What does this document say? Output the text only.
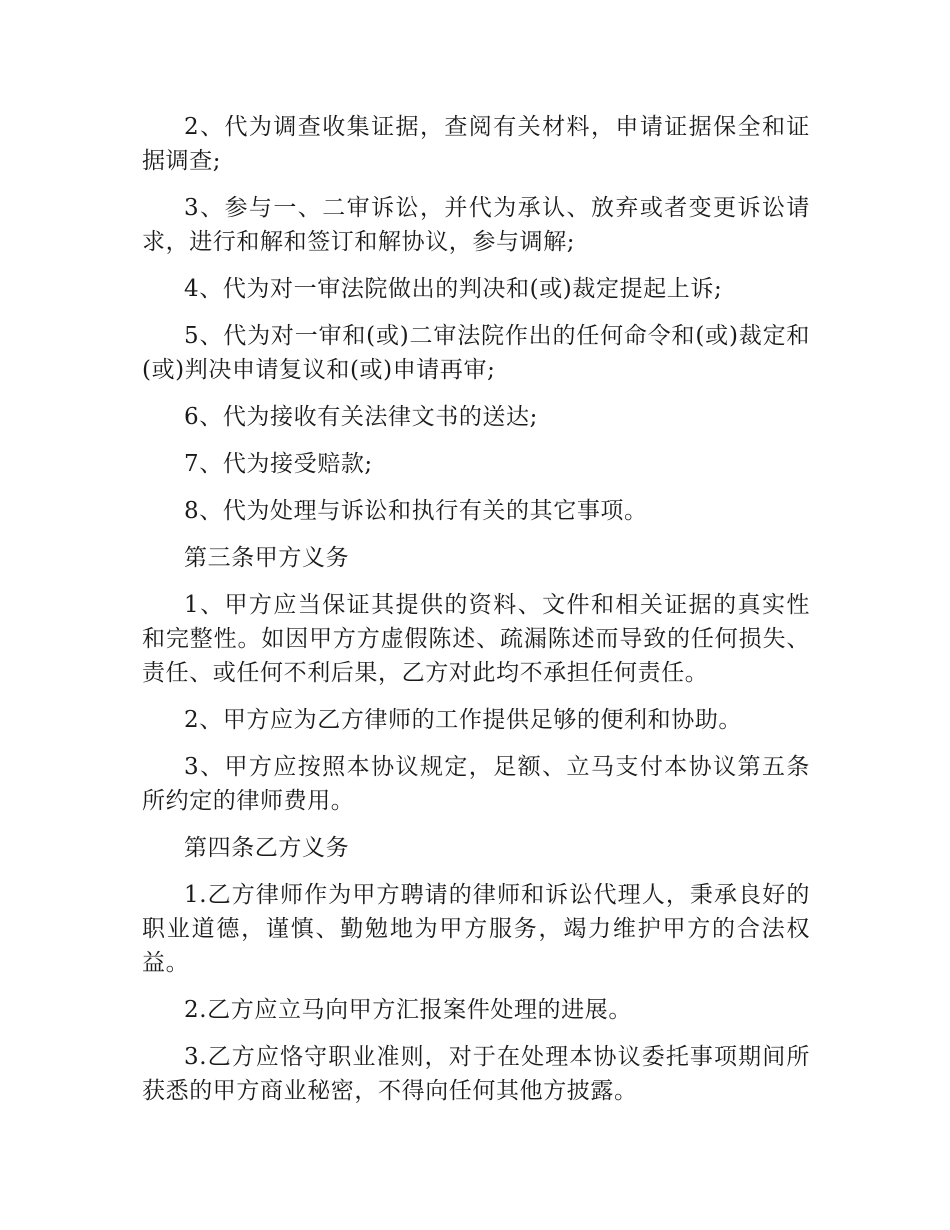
2、代为调查收集证据，查阅有关材料，申请证据保全和证据调查;

3、参与一、二审诉讼，并代为承认、放弃或者变更诉讼请求，进行和解和签订和解协议，参与调解;

4、代为对一审法院做出的判决和(或)裁定提起上诉;

5、代为对一审和(或)二审法院作出的任何命令和(或)裁定和(或)判决申请复议和(或)申请再审;

6、代为接收有关法律文书的送达;

7、代为接受赔款;

8、代为处理与诉讼和执行有关的其它事项。

第三条甲方义务

1、甲方应当保证其提供的资料、文件和相关证据的真实性和完整性。如因甲方方虚假陈述、疏漏陈述而导致的任何损失、责任、或任何不利后果，乙方对此均不承担任何责任。

2、甲方应为乙方律师的工作提供足够的便利和协助。

3、甲方应按照本协议规定，足额、立马支付本协议第五条所约定的律师费用。

第四条乙方义务

1.乙方律师作为甲方聘请的律师和诉讼代理人，秉承良好的职业道德，谨慎、勤勉地为甲方服务，竭力维护甲方的合法权益。

2.乙方应立马向甲方汇报案件处理的进展。

3.乙方应恪守职业准则，对于在处理本协议委托事项期间所获悉的甲方商业秘密，不得向任何其他方披露。
